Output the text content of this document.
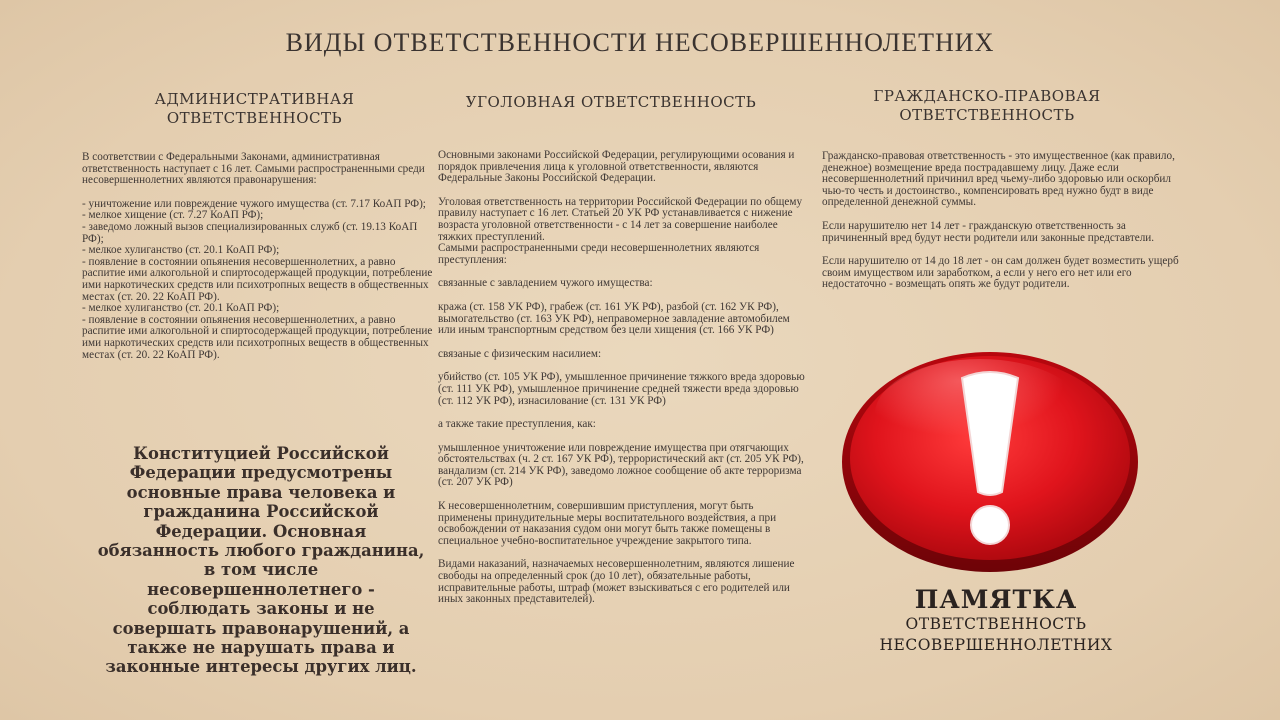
ВИДЫ ОТВЕТСТВЕННОСТИ НЕСОВЕРШЕННОЛЕТНИХ
АДМИНИСТРАТИВНАЯ
ОТВЕТСТВЕННОСТЬ

В соответствии с Федеральными Законами, административная ответственность наступает с 16 лет. Самыми распространенными среди несовершеннолетних являются правонарушения:

- уничтожение или повреждение чужого имущества (ст. 7.17 КоАП РФ);
- мелкое хищение (ст. 7.27 КоАП РФ);
- заведомо ложный вызов специализированных служб (ст. 19.13 КоАП РФ);
- мелкое хулиганство (ст. 20.1 КоАП РФ);
- появление в состоянии опьянения несовершеннолетних, а равно распитие ими алкогольной и спиртосодержащей продукции, потребление ими наркотических средств или психотропных веществ в общественных местах (ст. 20. 22 КоАП РФ).
- мелкое хулиганство (ст. 20.1 КоАП РФ);
- появление в состоянии опьянения несовершеннолетних, а равно распитие ими алкогольной и спиртосодержащей продукции, потребление ими наркотических средств или психотропных веществ в общественных местах (ст. 20. 22 КоАП РФ).

Конституцией Российской Федерации предусмотрены основные права человека и гражданина Российской Федерации. Основная обязанность любого гражданина, в том числе несовершеннолетнего - соблюдать законы и не совершать правонарушений, а также не нарушать права и законные интересы других лиц.
УГОЛОВНАЯ ОТВЕТСТВЕННОСТЬ

Основными законами Российской Федерации, регулирующими осования и порядок привлечения лица к уголовной ответственности, являются Федеральные Законы Российской Федерации.

Уголовая ответственность на территории Российской Федерации по общему правилу наступает с 16 лет. Статьей 20 УК РФ устанавливается с нижение возраста уголовной ответственности - с 14 лет за совершение наиболее тяжких преступлений.
Самыми распространенными среди несовершеннолетних являются преступления:

связанные с завладением чужого имущества:

кража (ст. 158 УК РФ), грабеж (ст. 161 УК РФ), разбой (ст. 162 УК РФ), вымогательство (ст. 163 УК РФ), неправомерное завладение автомобилем или иным транспортным средством без цели хищения (ст. 166 УК РФ)

связаные с физическим насилием:

убийство (ст. 105 УК РФ), умышленное причинение тяжкого вреда здоровью (ст. 111 УК РФ), умышленное причинение средней тяжести вреда здоровью (ст. 112 УК РФ), изнасилование (ст. 131 УК РФ)

а также такие преступления, как:

умышленное уничтожение или повреждение имущества при отягчающих обстоятельствах (ч. 2 ст. 167 УК РФ), террористический акт (ст. 205 УК РФ), вандализм (ст. 214 УК РФ), заведомо ложное сообщение об акте терроризма (ст. 207 УК РФ)

К несовершеннолетним, совершившим приступления, могут быть применены принудительные меры воспитательного воздействия, а при освобождении от наказания судом они могут быть также помещены в специальное учебно-воспитательное учреждение закрытого типа.

Видами наказаний, назначаемых несовершеннолетним, являются лишение свободы на определенный срок (до 10 лет), обязательные работы, исправительные работы, штраф (может взыскиваться с его родителей или иных законных представителей).

ГРАЖДАНСКО-ПРАВОВАЯ
ОТВЕТСТВЕННОСТЬ

Гражданско-правовая ответственность - это имущественное (как правило, денежное) возмещение вреда пострадавшему лицу. Даже если несовершеннолетний причинил вред чьему-либо здоровью или оскорбил чью-то честь и достоинство., компенсировать вред нужно будт в виде определенной денежной суммы.

Если нарушителю нет 14 лет - гражданскую ответственность за причиненный вред будут нести родители или законные представтели.

Если нарушителю от 14 до 18 лет - он сам должен будет возместить ущерб своим имуществом или заработком, а если у него его нет или его недостаточно - возмещать опять же будут родители.

ПАМЯТКА
ОТВЕТСТВЕННОСТЬ
НЕСОВЕРШЕННОЛЕТНИХ
